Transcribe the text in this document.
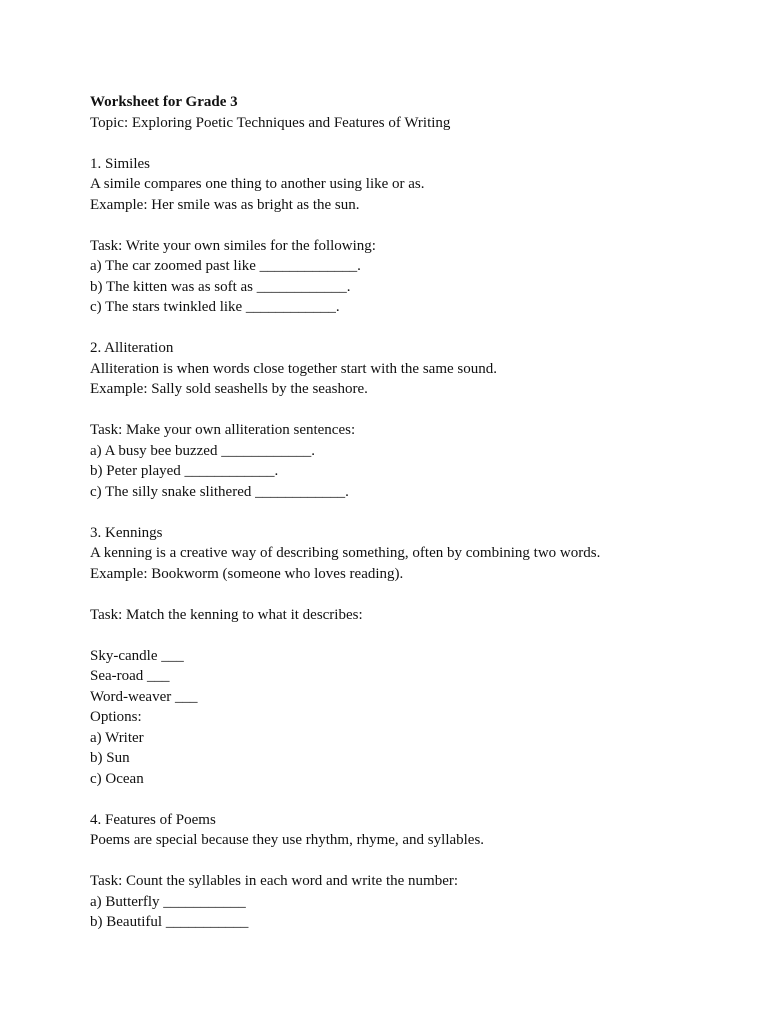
Worksheet for Grade 3
Topic: Exploring Poetic Techniques and Features of Writing
1. Similes
A simile compares one thing to another using like or as.
Example: Her smile was as bright as the sun.
Task: Write your own similes for the following:
a) The car zoomed past like _____________.
b) The kitten was as soft as ____________.
c) The stars twinkled like ____________.
2. Alliteration
Alliteration is when words close together start with the same sound.
Example: Sally sold seashells by the seashore.
Task: Make your own alliteration sentences:
a) A busy bee buzzed ____________.
b) Peter played ____________.
c) The silly snake slithered ____________.
3. Kennings
A kenning is a creative way of describing something, often by combining two words.
Example: Bookworm (someone who loves reading).
Task: Match the kenning to what it describes:
Sky-candle ___
Sea-road ___
Word-weaver ___
Options:
a) Writer
b) Sun
c) Ocean
4. Features of Poems
Poems are special because they use rhythm, rhyme, and syllables.
Task: Count the syllables in each word and write the number:
a) Butterfly ___________
b) Beautiful ___________
